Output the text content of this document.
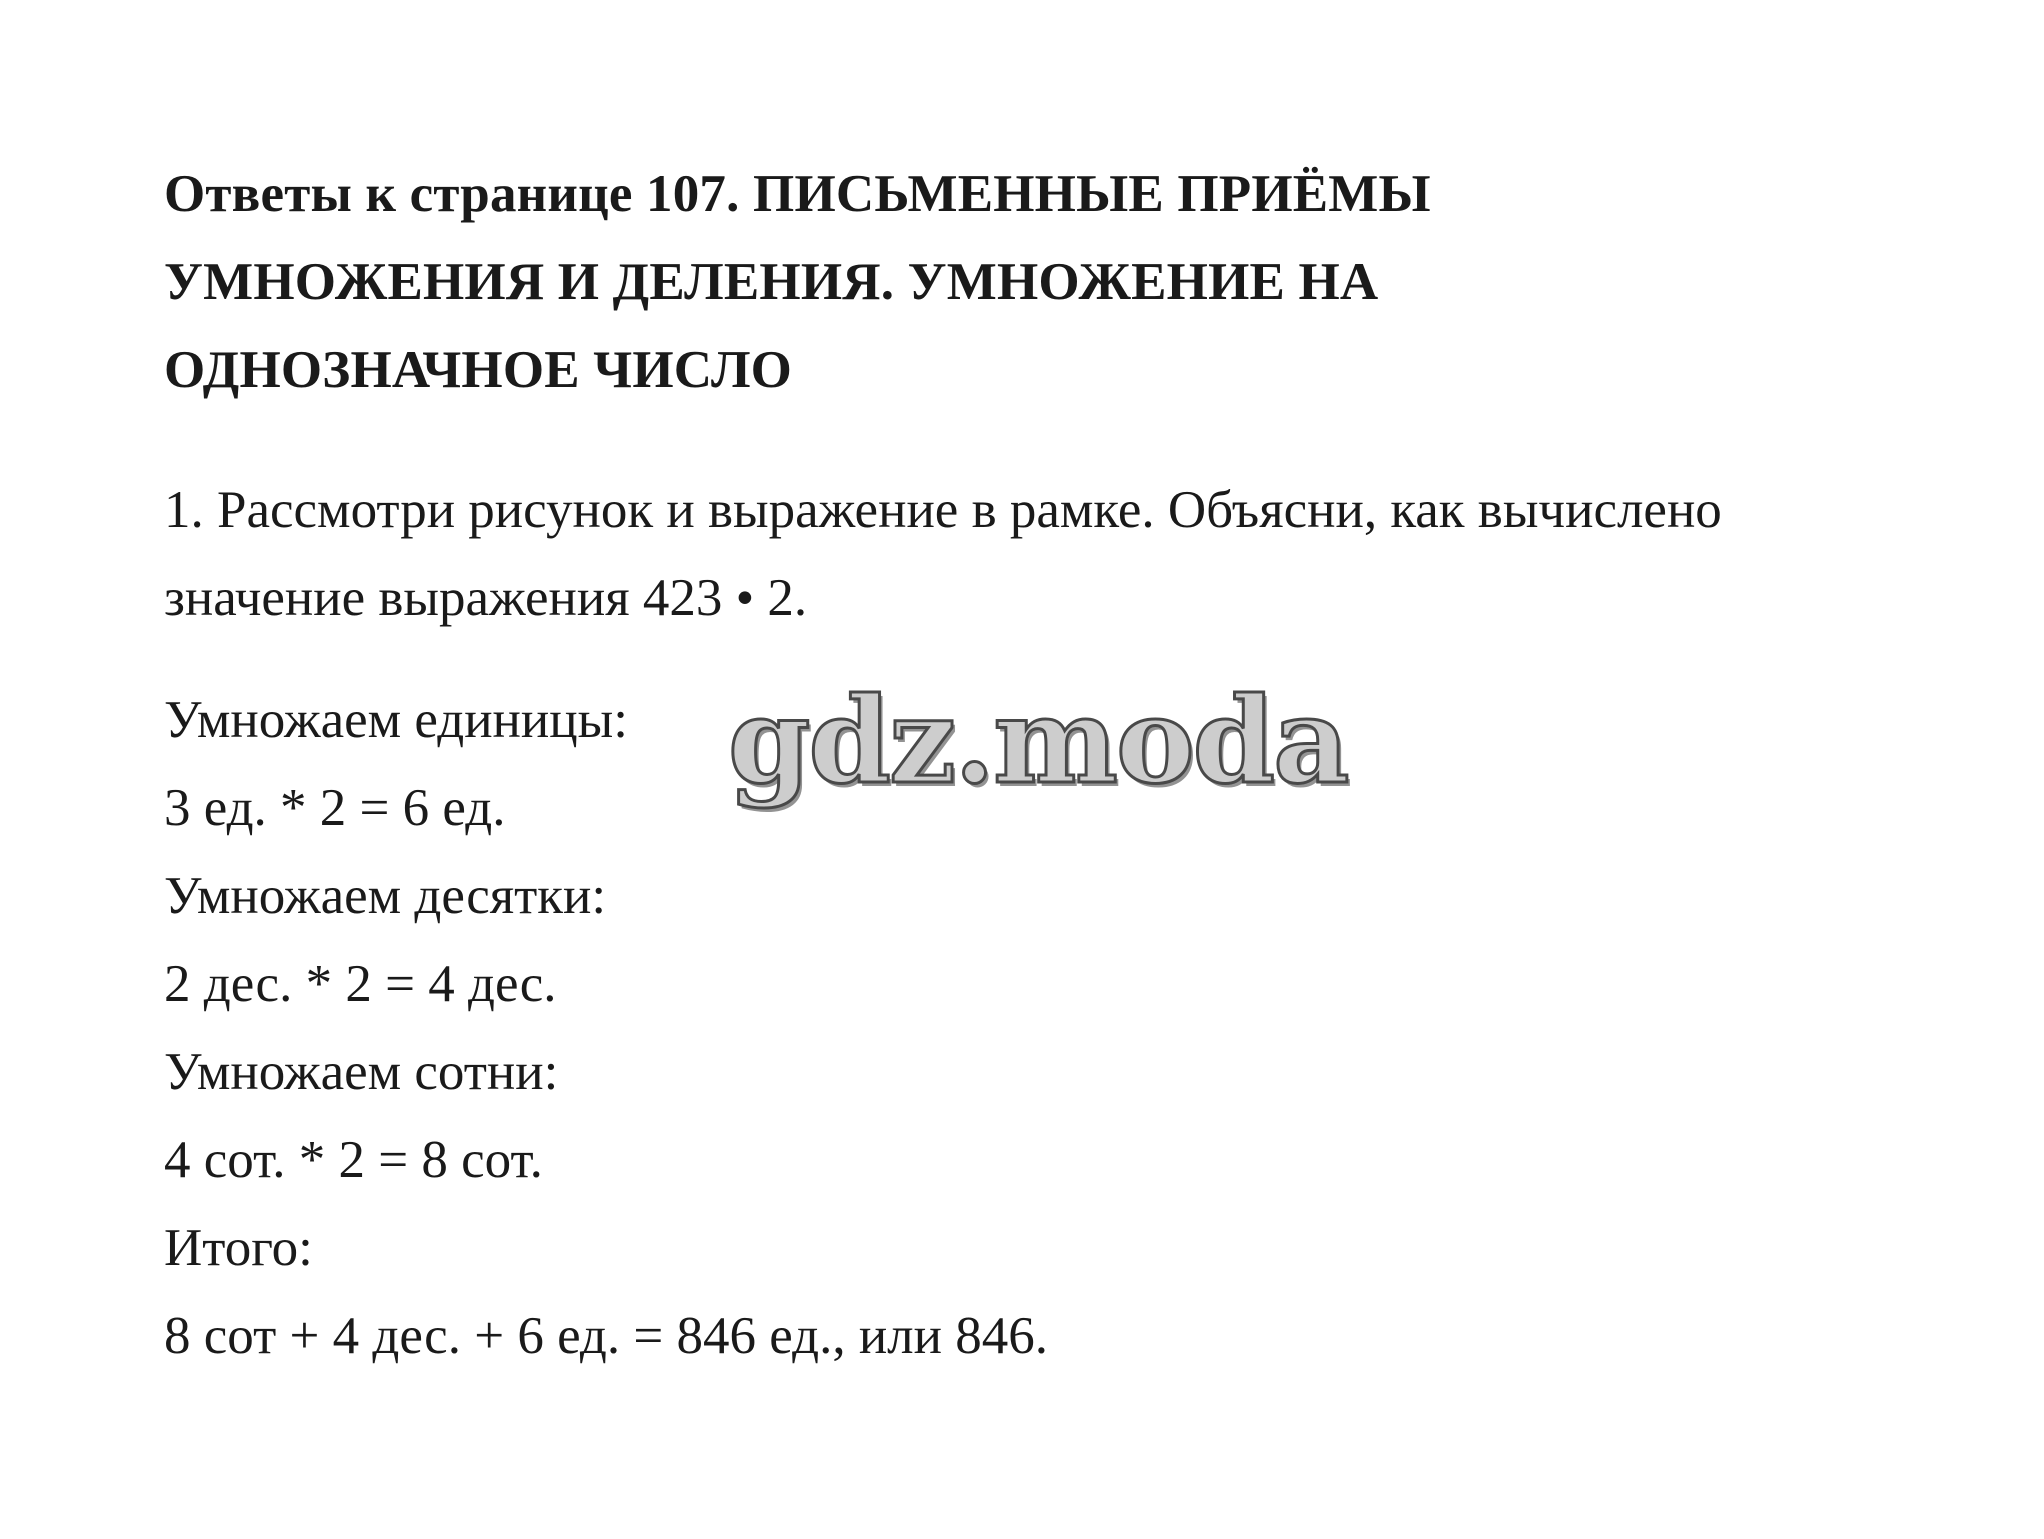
Ответы к странице 107. ПИСЬМЕННЫЕ ПРИЁМЫ
УМНОЖЕНИЯ И ДЕЛЕНИЯ. УМНОЖЕНИЕ НА
ОДНОЗНАЧНОЕ ЧИСЛО

1. Рассмотри рисунок и выражение в рамке. Объясни, как вычислено
значение выражения 423 • 2.

Умножаем единицы:
3 ед. * 2 = 6 ед.
Умножаем десятки:
2 дес. * 2 = 4 дес.
Умножаем сотни:
4 сот. * 2 = 8 сот.
Итого:
8 сот + 4 дес. + 6 ед. = 846 ед., или 846.
gdz.moda
